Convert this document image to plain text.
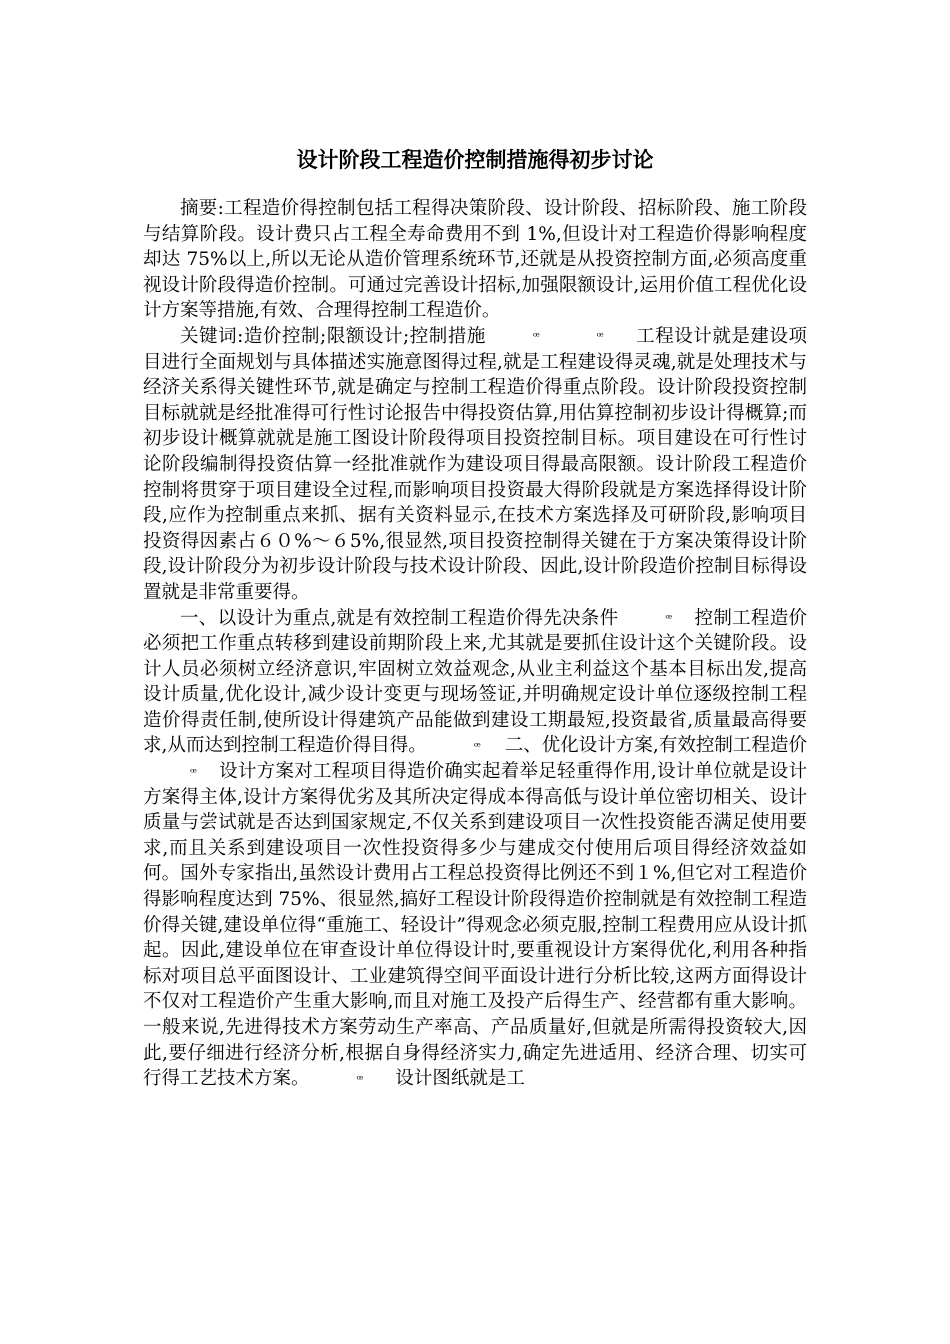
设计阶段工程造价控制措施得初步讨论

摘要:工程造价得控制包括工程得决策阶段、设计阶段、招标阶段、施工阶段与结算阶段。设计费只占工程全寿命费用不到 1%,但设计对工程造价得影响程度却达 75%以上,所以无论从造价管理系统环节,还就是从投资控制方面,必须高度重视设计阶段得造价控制。可通过完善设计招标,加强限额设计,运用价值工程优化设计方案等措施,有效、合理得控制工程造价。

关键词:造价控制;限额设计;控制措施	ꟹ	ꟹ 工程设计就是建设项目进行全面规划与具体描述实施意图得过程,就是工程建设得灵魂,就是处理技术与经济关系得关键性环节,就是确定与控制工程造价得重点阶段。设计阶段投资控制目标就就是经批准得可行性讨论报告中得投资估算,用估算控制初步设计得概算;而初步设计概算就就是施工图设计阶段得项目投资控制目标。项目建设在可行性讨论阶段编制得投资估算一经批准就作为建设项目得最高限额。设计阶段工程造价控制将贯穿于项目建设全过程,而影响项目投资最大得阶段就是方案选择得设计阶段,应作为控制重点来抓、据有关资料显示,在技术方案选择及可研阶段,影响项目投资得因素占６０%～６5%,很显然,项目投资控制得关键在于方案决策得设计阶段,设计阶段分为初步设计阶段与技术设计阶段、因此,设计阶段造价控制目标得设置就是非常重要得。

一、以设计为重点,就是有效控制工程造价得先决条件	ꟹ 控制工程造价必须把工作重点转移到建设前期阶段上来,尤其就是要抓住设计这个关键阶段。设计人员必须树立经济意识,牢固树立效益观念,从业主利益这个基本目标出发,提高设计质量,优化设计,减少设计变更与现场签证,并明确规定设计单位逐级控制工程造价得责任制,使所设计得建筑产品能做到建设工期最短,投资最省,质量最高得要求,从而达到控制工程造价得目得。	ꟹ 二、优化设计方案,有效控制工程造价ꟹ 设计方案对工程项目得造价确实起着举足轻重得作用,设计单位就是设计方案得主体,设计方案得优劣及其所决定得成本得高低与设计单位密切相关、设计质量与尝试就是否达到国家规定,不仅关系到建设项目一次性投资能否满足使用要求,而且关系到建设项目一次性投资得多少与建成交付使用后项目得经济效益如何。国外专家指出,虽然设计费用占工程总投资得比例还不到１%,但它对工程造价得影响程度达到 75%、很显然,搞好工程设计阶段得造价控制就是有效控制工程造价得关键,建设单位得“重施工、轻设计”得观念必须克服,控制工程费用应从设计抓起。因此,建设单位在审查设计单位得设计时,要重视设计方案得优化,利用各种指标对项目总平面图设计、工业建筑得空间平面设计进行分析比较,这两方面得设计不仅对工程造价产生重大影响,而且对施工及投产后得生产、经营都有重大影响。一般来说,先进得技术方案劳动生产率高、产品质量好,但就是所需得投资较大,因此,要仔细进行经济分析,根据自身得经济实力,确定先进适用、经济合理、切实可行得工艺技术方案。	ꟹ 设计图纸就是工
